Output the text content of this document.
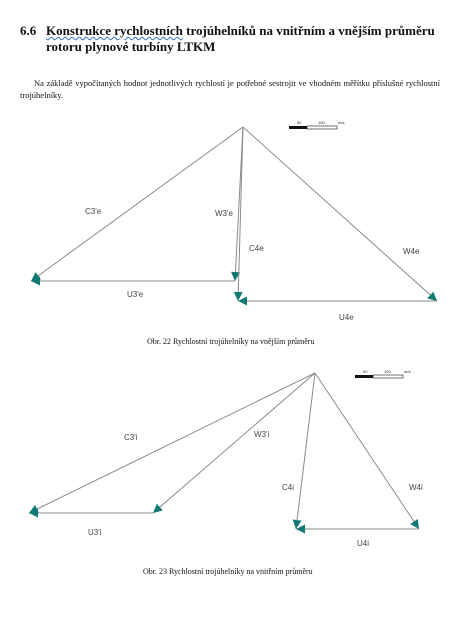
6.6 Konstrukce rychlostních trojúhelníků na vnitřním a vnějším průměru rotoru plynové turbíny LTKM
Na základě vypočítaných hodnot jednotlivých rychlostí je potřebné sestrojit ve vhodném měřítku příslušné rychlostní trojúhelníky.
50	100	m/s
C3'e	W3'e
U3'e
C4e	W4e
U4e
Obr. 22 Rychlostní trojúhelníky na vnějším průměru
50	100	m/s
C3'i	W3'i
U3'i
C4i	W4i
U4i
Obr. 23 Rychlostní trojúhelníky na vnitřním průměru
